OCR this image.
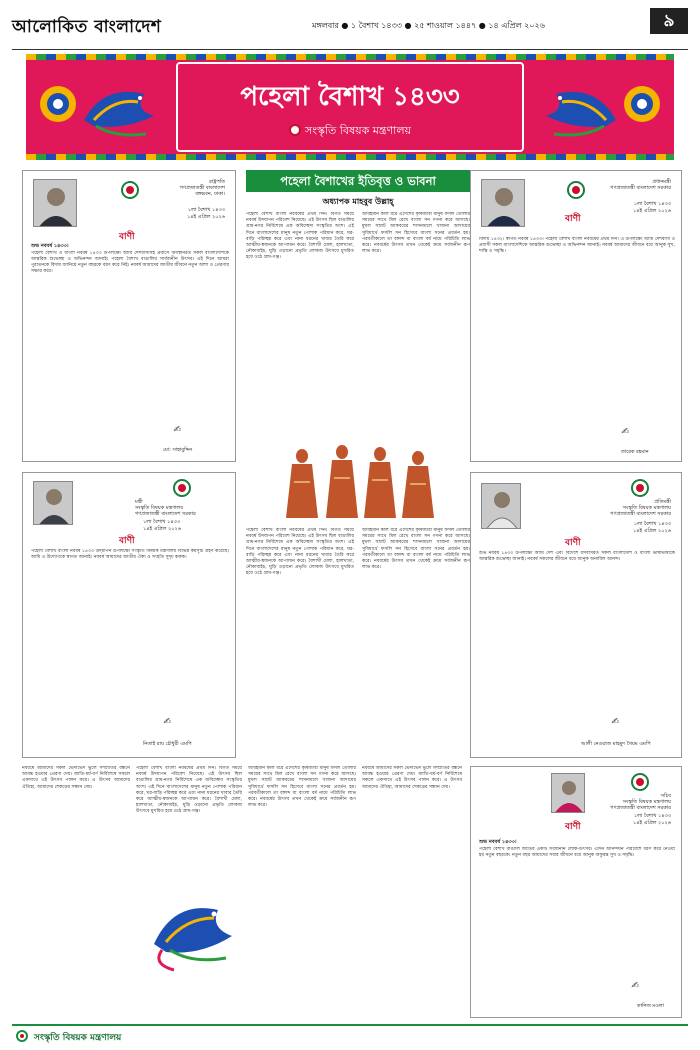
আলোকিত বাংলাদেশ	মঙ্গলবার ● ১ বৈশাখ ১৪৩৩ ● ২৫ শাওয়াল ১৪৪৭ ● ১৪ এপ্রিল ২০২৬	৯
পহেলা বৈশাখ ১৪৩৩
সংস্কৃতি বিষয়ক মন্ত্রণালয়
রাষ্ট্রপতি
গণপ্রজাতন্ত্রী বাংলাদেশ
বঙ্গভবন, ঢাকা।
১লা বৈশাখ ১৪৩৩
১৪ই এপ্রিল ২০২৬
বাণী
শুভ নববর্ষ ১৪৩৩।
পহেলা বৈশাখ ও বাংলা নববর্ষ ১৪৩৩ উপলক্ষ্যে আমি দেশবাসীসহ প্রবাসে অবস্থানরত সকল বাংলাদেশিকে আন্তরিক শুভেচ্ছা ও অভিনন্দন জানাই। পহেলা বৈশাখ বাঙালির সার্বজনীন উৎসব। এই দিনে আমরা পুরাতনকে বিদায় জানিয়ে নতুন বছরকে বরণ করে নিই। নববর্ষ আমাদের জাতীয় জীবনে নতুন আশা ও প্রেরণার সঞ্চার করে।
✍︎
মো: সাহাবুদ্দিন
মন্ত্রী
সংস্কৃতি বিষয়ক মন্ত্রণালয়
গণপ্রজাতন্ত্রী বাংলাদেশ সরকার
১লা বৈশাখ ১৪৩৩
১৪ই এপ্রিল ২০২৬
বাণী
পহেলা বৈশাখ বাংলা নববর্ষ ১৪৩৩ উদ্‌যাপন উপলক্ষ্যে সংস্কৃতি বিষয়ক মন্ত্রণালয় বিভিন্ন কর্মসূচি গ্রহণ করেছে। আমি এ উদ্যোগকে স্বাগত জানাই। নববর্ষ আমাদের জাতীয় ঐক্য ও সংহতি সুদৃঢ় করুক।
✍︎
নিতাই রায় চৌধুরী এমপি
পহেলা বৈশাখের ইতিবৃত্ত ও ভাবনা
অধ্যাপক মাহবুব উল্লাহ্‌
পহেলা বৈশাখ বাংলা নববর্ষের প্রথম দিন। বিগত সময়ে নববর্ষ উদযাপন পরিবেশ নিয়েছে। এই উৎসব ছিল বাঙালির গ্রাম-নগর নির্বিশেষে এক অবিচ্ছেদ্য সংস্কৃতির অংশ। এই দিনে বাংলাদেশের মানুষ নতুন পোশাক পরিধান করে, ঘর-বাড়ি পরিচ্ছন্ন করে এবং নানা ধরনের খাবার তৈরি করে আত্মীয়-স্বজনকে আপ্যায়ন করে। বৈশাখী মেলা, হালখাতা, নৌকাবাইচ, ঘুড়ি ওড়ানো প্রভৃতি লোকজ উৎসবে মুখরিত হয়ে ওঠে গ্রাম-গঞ্জ।
আবহমান কাল ধরে এদেশের কৃষিজীবী মানুষ ফসল তোলার সময়ের সাথে মিল রেখে বাংলা সন গণনা করে আসছে। মুঘল সম্রাট আকবরের শাসনামলে খাজনা আদায়ের সুবিধার্থে ফসলি সন হিসেবে বাংলা সনের প্রবর্তন হয়। পরবর্তীকালে তা বঙ্গাব্দ বা বাংলা বর্ষ নামে পরিচিতি লাভ করে। নববর্ষের উৎসব তখন থেকেই ক্রমে সর্বজনীন রূপ লাভ করে।
পহেলা বৈশাখ বাংলা নববর্ষের প্রথম দিন। বিগত সময়ে নববর্ষ উদযাপন পরিবেশ নিয়েছে। এই উৎসব ছিল বাঙালির গ্রাম-নগর নির্বিশেষে এক অবিচ্ছেদ্য সংস্কৃতির অংশ। এই দিনে বাংলাদেশের মানুষ নতুন পোশাক পরিধান করে, ঘর-বাড়ি পরিচ্ছন্ন করে এবং নানা ধরনের খাবার তৈরি করে আত্মীয়-স্বজনকে আপ্যায়ন করে। বৈশাখী মেলা, হালখাতা, নৌকাবাইচ, ঘুড়ি ওড়ানো প্রভৃতি লোকজ উৎসবে মুখরিত হয়ে ওঠে গ্রাম-গঞ্জ।
আবহমান কাল ধরে এদেশের কৃষিজীবী মানুষ ফসল তোলার সময়ের সাথে মিল রেখে বাংলা সন গণনা করে আসছে। মুঘল সম্রাট আকবরের শাসনামলে খাজনা আদায়ের সুবিধার্থে ফসলি সন হিসেবে বাংলা সনের প্রবর্তন হয়। পরবর্তীকালে তা বঙ্গাব্দ বা বাংলা বর্ষ নামে পরিচিতি লাভ করে। নববর্ষের উৎসব তখন থেকেই ক্রমে সর্বজনীন রূপ লাভ করে।
প্রধানমন্ত্রী
গণপ্রজাতন্ত্রী বাংলাদেশ সরকার
১লা বৈশাখ ১৪৩৩
১৪ই এপ্রিল ২০২৬
বাণী
বিদায় ১৪৩২। স্বাগত নববর্ষ ১৪৩৩। পহেলা বৈশাখ বাংলা নববর্ষের প্রথম দিন। এ উপলক্ষ্যে আমি দেশবাসী ও প্রবাসী সকল বাংলাদেশিকে আন্তরিক শুভেচ্ছা ও অভিনন্দন জানাই। নববর্ষ আমাদের জীবনে বয়ে আনুক সুখ, শান্তি ও সমৃদ্ধি।
✍︎
তারেক রহমান
প্রতিমন্ত্রী
সংস্কৃতি বিষয়ক মন্ত্রণালয়
গণপ্রজাতন্ত্রী বাংলাদেশ সরকার
১লা বৈশাখ ১৪৩৩
১৪ই এপ্রিল ২০২৬
বাণী
শুভ নববর্ষ ১৪৩৩ উপলক্ষ্যে আমি দেশ এবং বিদেশে বসবাসরত সকল বাংলাদেশি ও বাংলা ভাষাভাষীকে আন্তরিক শুভেচ্ছা জানাই। নববর্ষ সকলের জীবনে বয়ে আনুক অনাবিল আনন্দ।
✍︎
আলী নেওয়াজ মাহমুদ খৈয়ম এমপি
নববর্ষে আমাদের সকল ভেদাভেদ ভুলে সম্প্রীতির বন্ধনে আবদ্ধ হওয়ার প্রেরণা দেয়। জাতি-ধর্ম-বর্ণ নির্বিশেষে সকলে একসাথে এই উৎসব পালন করে। এ উৎসব আমাদের ঐতিহ্য, আমাদের শেকড়ের সন্ধান দেয়।
পহেলা বৈশাখ বাংলা নববর্ষের প্রথম দিন। বিগত সময়ে নববর্ষ উদযাপন পরিবেশ নিয়েছে। এই উৎসব ছিল বাঙালির গ্রাম-নগর নির্বিশেষে এক অবিচ্ছেদ্য সংস্কৃতির অংশ। এই দিনে বাংলাদেশের মানুষ নতুন পোশাক পরিধান করে, ঘর-বাড়ি পরিচ্ছন্ন করে এবং নানা ধরনের খাবার তৈরি করে আত্মীয়-স্বজনকে আপ্যায়ন করে। বৈশাখী মেলা, হালখাতা, নৌকাবাইচ, ঘুড়ি ওড়ানো প্রভৃতি লোকজ উৎসবে মুখরিত হয়ে ওঠে গ্রাম-গঞ্জ।
আবহমান কাল ধরে এদেশের কৃষিজীবী মানুষ ফসল তোলার সময়ের সাথে মিল রেখে বাংলা সন গণনা করে আসছে। মুঘল সম্রাট আকবরের শাসনামলে খাজনা আদায়ের সুবিধার্থে ফসলি সন হিসেবে বাংলা সনের প্রবর্তন হয়। পরবর্তীকালে তা বঙ্গাব্দ বা বাংলা বর্ষ নামে পরিচিতি লাভ করে। নববর্ষের উৎসব তখন থেকেই ক্রমে সর্বজনীন রূপ লাভ করে।
নববর্ষে আমাদের সকল ভেদাভেদ ভুলে সম্প্রীতির বন্ধনে আবদ্ধ হওয়ার প্রেরণা দেয়। জাতি-ধর্ম-বর্ণ নির্বিশেষে সকলে একসাথে এই উৎসব পালন করে। এ উৎসব আমাদের ঐতিহ্য, আমাদের শেকড়ের সন্ধান দেয়।
সচিব
সংস্কৃতি বিষয়ক মন্ত্রণালয়
গণপ্রজাতন্ত্রী বাংলাদেশ সরকার
১লা বৈশাখ ১৪৩৩
১৪ই এপ্রিল ২০২৬
বাণী
শুভ নববর্ষ ১৪৩৩।
পহেলা বৈশাখ বাঙালি জাতির একটি সর্বজনীন লোক-উৎসব। এদিন আনন্দঘন পরিবেশে বরণ করে নেওয়া হয় নতুন বছরকে। নতুন বছর আমাদের সবার জীবনে বয়ে আনুক অফুরন্ত সুখ ও সমৃদ্ধি।
✍︎
কানিজ মওলা
সংস্কৃতি বিষয়ক মন্ত্রণালয়
